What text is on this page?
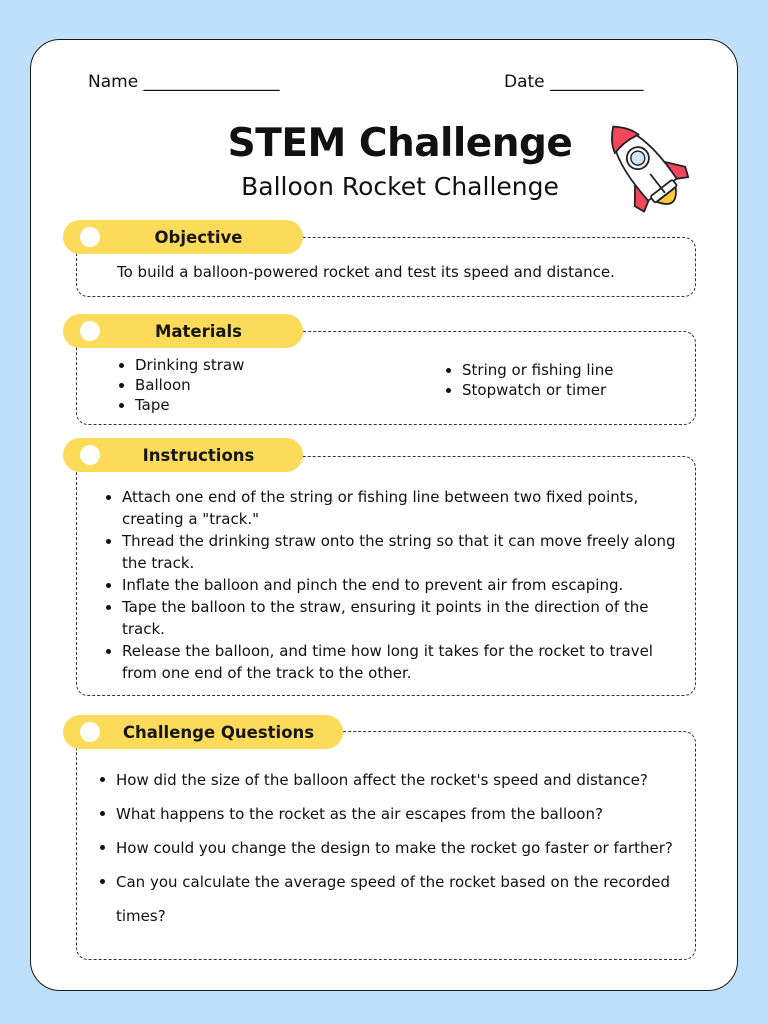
Name ________________	Date ___________
STEM Challenge
Balloon Rocket Challenge
To build a balloon-powered rocket and test its speed and distance.
Objective
Drinking straw
Balloon
Tape
String or fishing line
Stopwatch or timer
Materials
Attach one end of the string or fishing line between two fixed points, creating a "track."
Thread the drinking straw onto the string so that it can move freely along the track.
Inflate the balloon and pinch the end to prevent air from escaping.
Tape the balloon to the straw, ensuring it points in the direction of the track.
Release the balloon, and time how long it takes for the rocket to travel from one end of the track to the other.
Instructions
How did the size of the balloon affect the rocket's speed and distance?
What happens to the rocket as the air escapes from the balloon?
How could you change the design to make the rocket go faster or farther?
Can you calculate the average speed of the rocket based on the recorded times?
Challenge Questions
